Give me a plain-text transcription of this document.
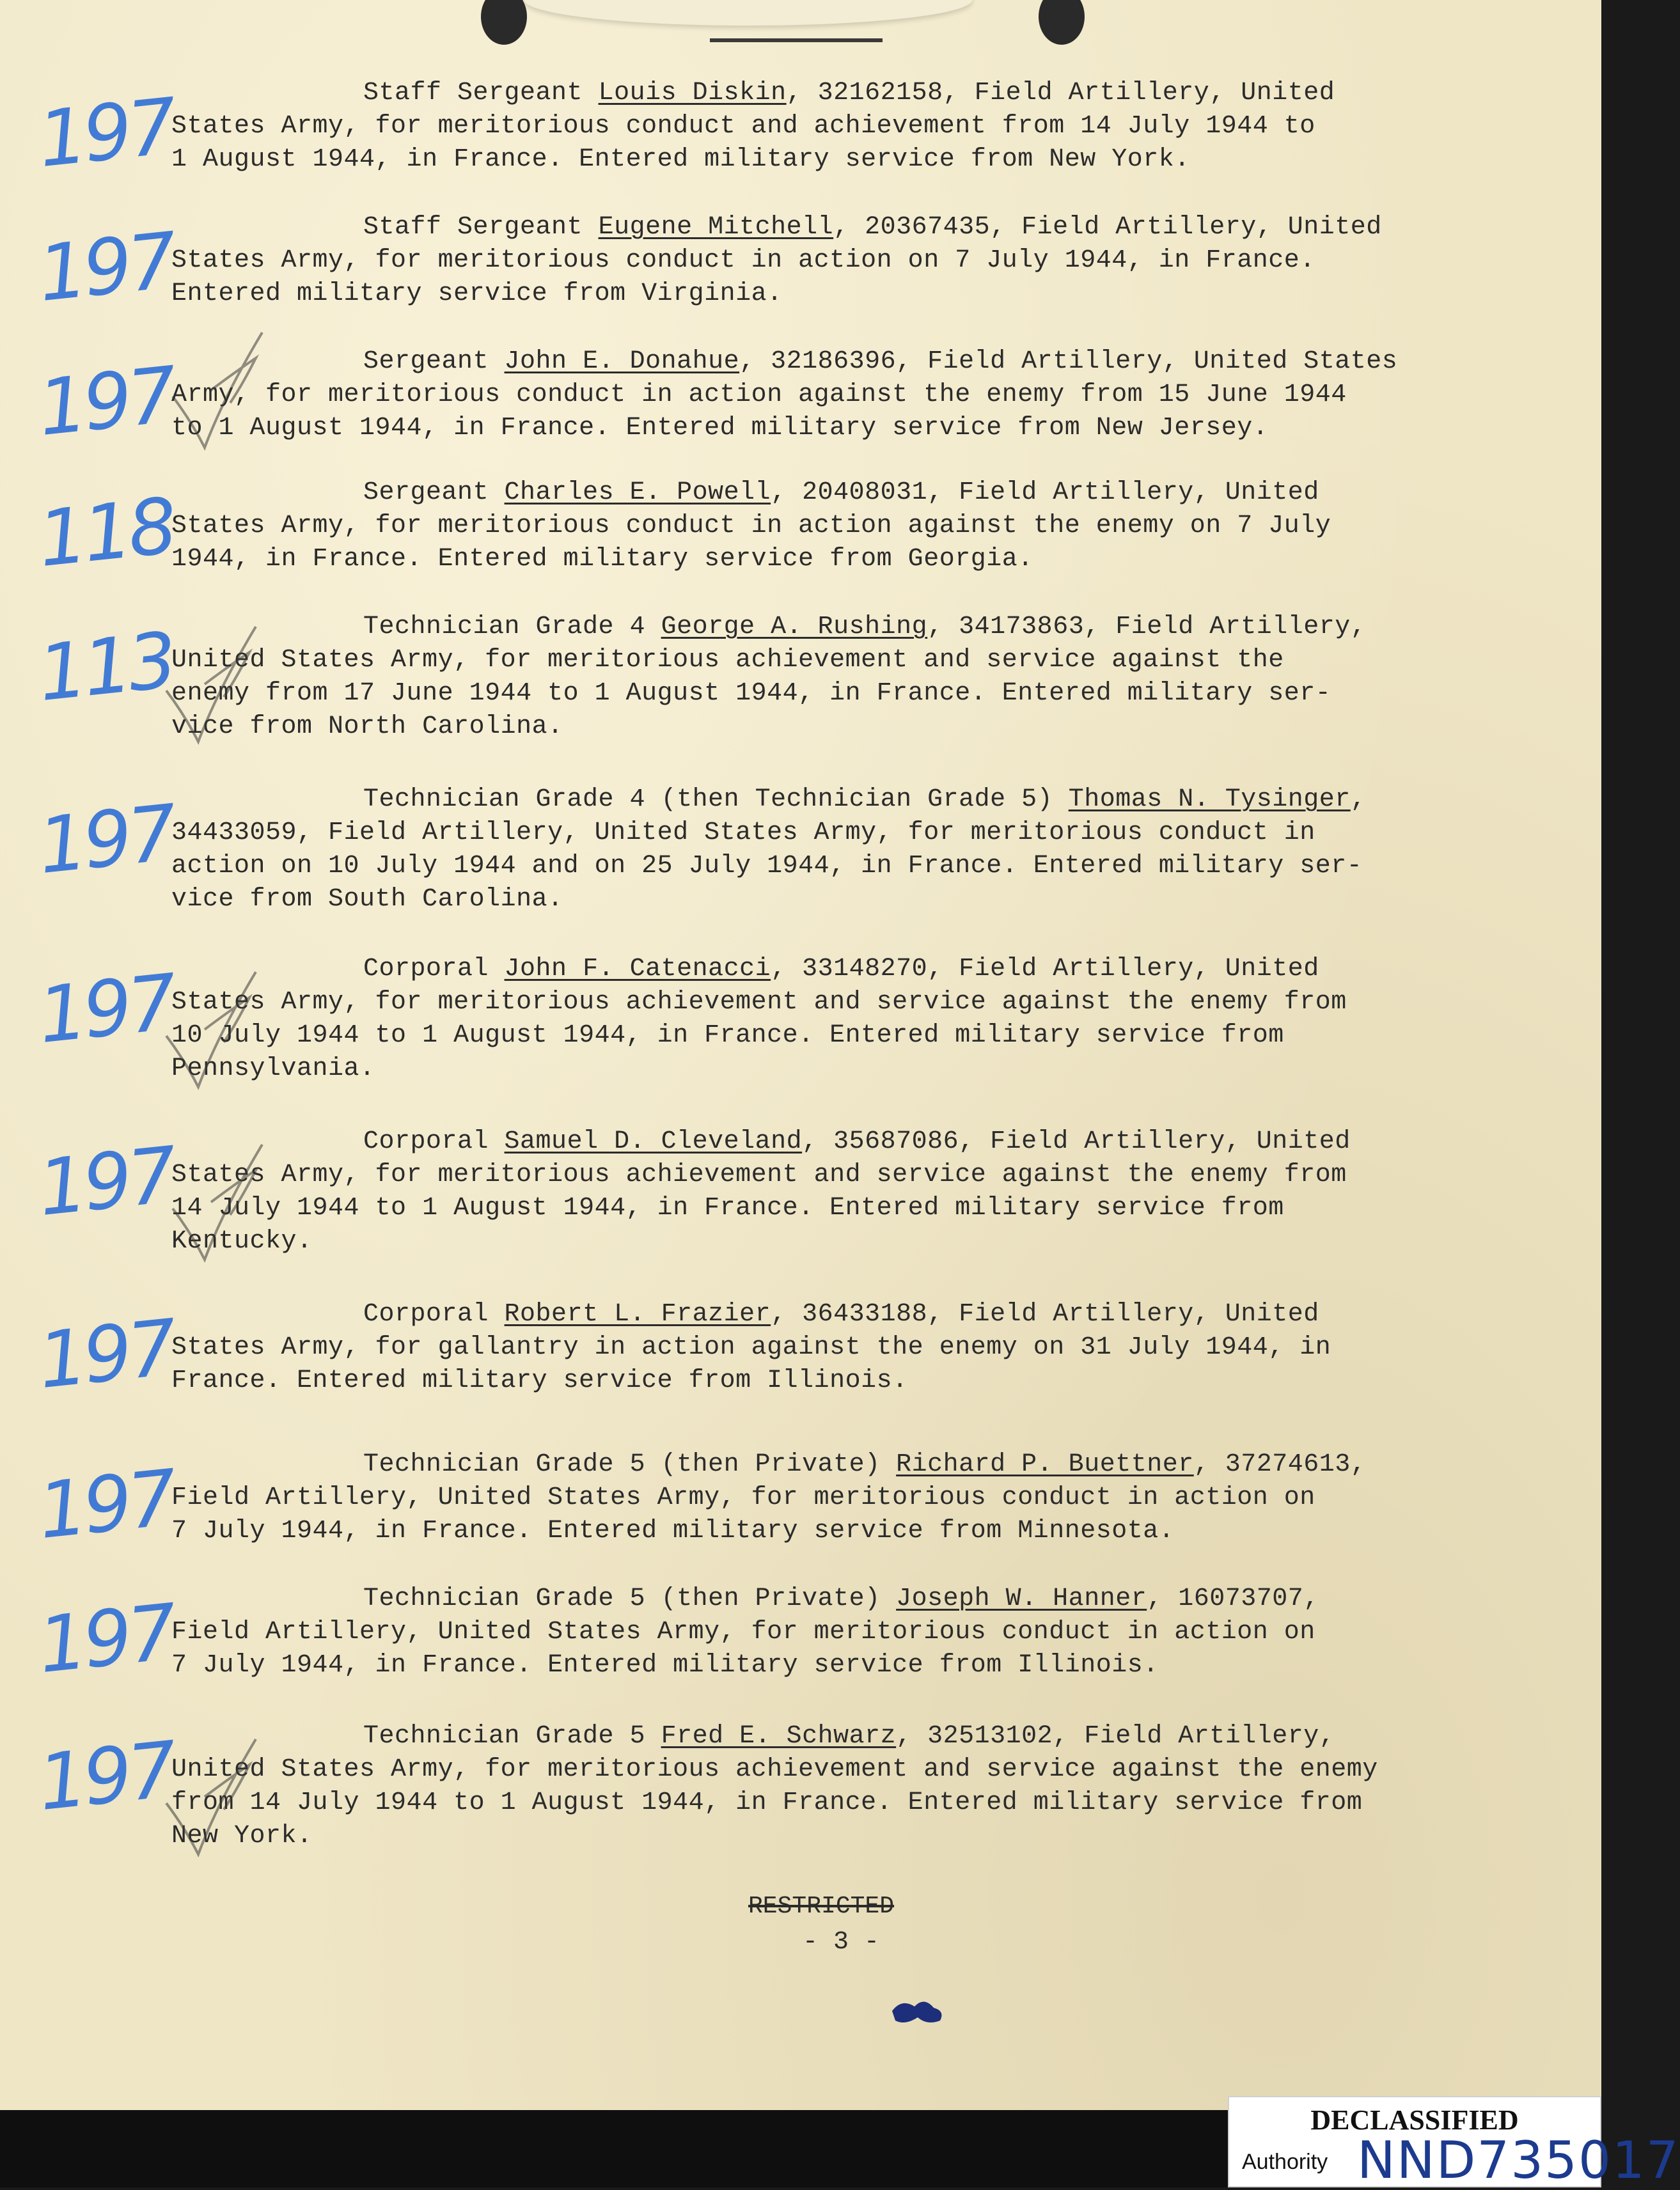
Staff Sergeant Louis Diskin, 32162158, Field Artillery, United
States Army, for meritorious conduct and achievement from 14 July 1944 to
1 August 1944, in France. Entered military service from New York.
197
Staff Sergeant Eugene Mitchell, 20367435, Field Artillery, United
States Army, for meritorious conduct in action on 7 July 1944, in France.
Entered military service from Virginia.
197
Sergeant John E. Donahue, 32186396, Field Artillery, United States
Army, for meritorious conduct in action against the enemy from 15 June 1944
to 1 August 1944, in France. Entered military service from New Jersey.
197
Sergeant Charles E. Powell, 20408031, Field Artillery, United
States Army, for meritorious conduct in action against the enemy on 7 July
1944, in France. Entered military service from Georgia.
118
Technician Grade 4 George A. Rushing, 34173863, Field Artillery,
United States Army, for meritorious achievement and service against the
enemy from 17 June 1944 to 1 August 1944, in France. Entered military ser-
vice from North Carolina.
113
Technician Grade 4 (then Technician Grade 5) Thomas N. Tysinger,
34433059, Field Artillery, United States Army, for meritorious conduct in
action on 10 July 1944 and on 25 July 1944, in France. Entered military ser-
vice from South Carolina.
197
Corporal John F. Catenacci, 33148270, Field Artillery, United
States Army, for meritorious achievement and service against the enemy from
10 July 1944 to 1 August 1944, in France. Entered military service from
Pennsylvania.
197
Corporal Samuel D. Cleveland, 35687086, Field Artillery, United
States Army, for meritorious achievement and service against the enemy from
14 July 1944 to 1 August 1944, in France. Entered military service from
Kentucky.
197
Corporal Robert L. Frazier, 36433188, Field Artillery, United
States Army, for gallantry in action against the enemy on 31 July 1944, in
France. Entered military service from Illinois.
197
Technician Grade 5 (then Private) Richard P. Buettner, 37274613,
Field Artillery, United States Army, for meritorious conduct in action on
7 July 1944, in France. Entered military service from Minnesota.
197
Technician Grade 5 (then Private) Joseph W. Hanner, 16073707,
Field Artillery, United States Army, for meritorious conduct in action on
7 July 1944, in France. Entered military service from Illinois.
197
Technician Grade 5 Fred E. Schwarz, 32513102, Field Artillery,
United States Army, for meritorious achievement and service against the enemy
from 14 July 1944 to 1 August 1944, in France. Entered military service from
New York.
197
RESTRICTED
- 3 -
DECLASSIFIED
Authority NND735017
